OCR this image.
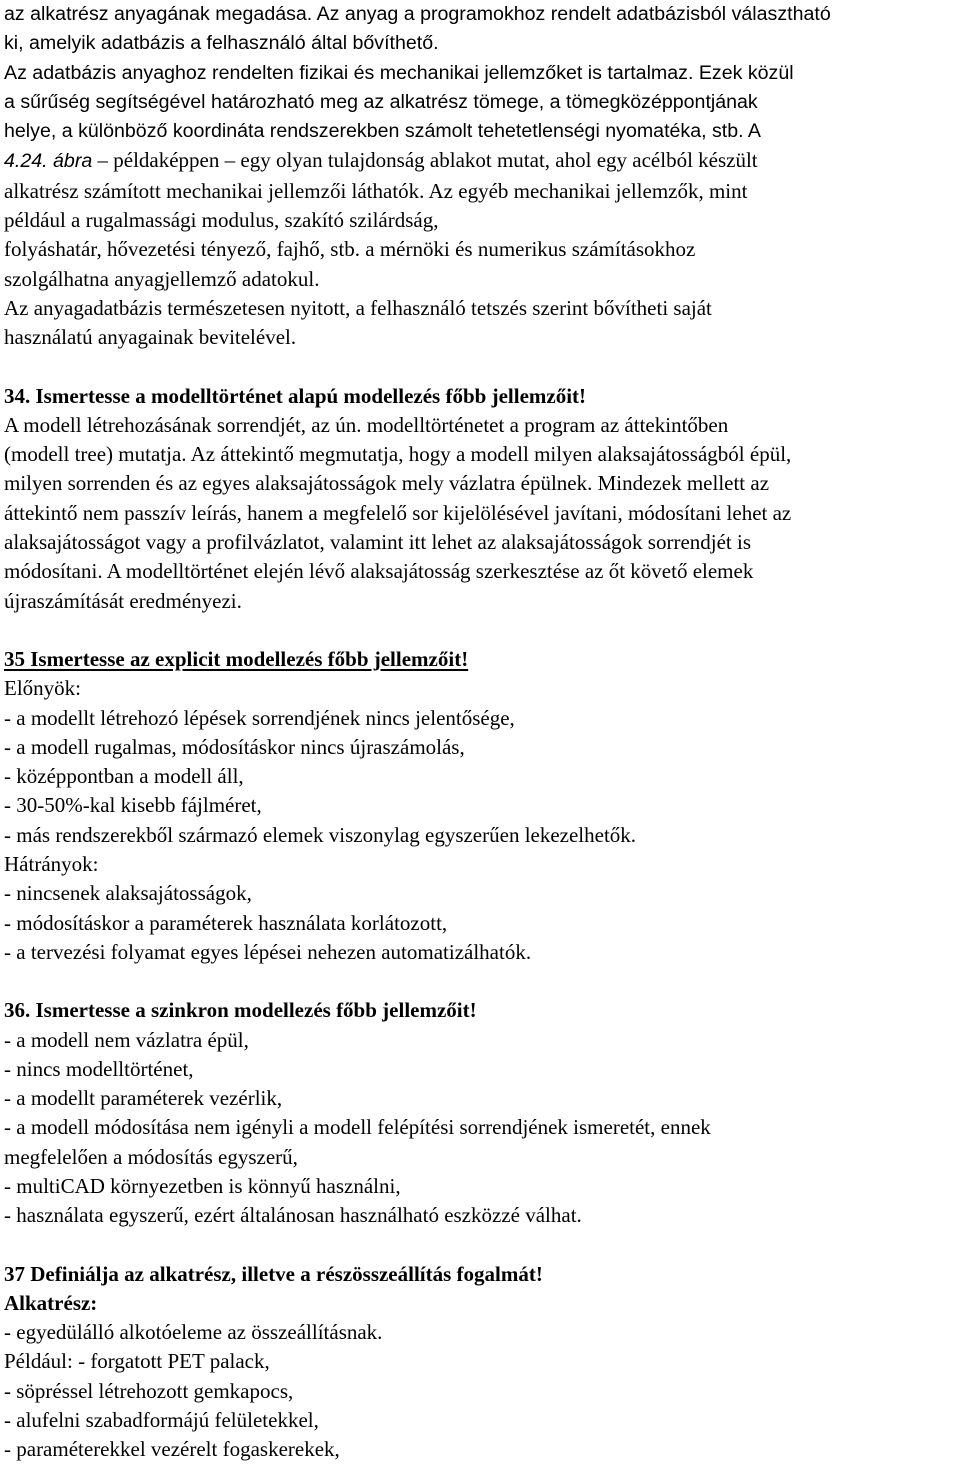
az alkatrész anyagának megadása. Az anyag a programokhoz rendelt adatbázisból választható
ki, amelyik adatbázis a felhasználó által bővíthető.
Az adatbázis anyaghoz rendelten fizikai és mechanikai jellemzőket is tartalmaz. Ezek közül
a sűrűség segítségével határozható meg az alkatrész tömege, a tömegközéppontjának
helye, a különböző koordináta rendszerekben számolt tehetetlenségi nyomatéka, stb. A
4.24. ábra – példaképpen – egy olyan tulajdonság ablakot mutat, ahol egy acélból készült
alkatrész számított mechanikai jellemzői láthatók. Az egyéb mechanikai jellemzők, mint
például a rugalmassági modulus, szakító szilárdság,
folyáshatár, hővezetési tényező, fajhő, stb. a mérnöki és numerikus számításokhoz
szolgálhatna anyagjellemző adatokul.
Az anyagadatbázis természetesen nyitott, a felhasználó tetszés szerint bővítheti saját
használatú anyagainak bevitelével.
34. Ismertesse a modelltörténet alapú modellezés főbb jellemzőit!
A modell létrehozásának sorrendjét, az ún. modelltörténetet a program az áttekintőben
(modell tree) mutatja. Az áttekintő megmutatja, hogy a modell milyen alaksajátosságból épül,
milyen sorrenden és az egyes alaksajátosságok mely vázlatra épülnek. Mindezek mellett az
áttekintő nem passzív leírás, hanem a megfelelő sor kijelölésével javítani, módosítani lehet az
alaksajátosságot vagy a profilvázlatot, valamint itt lehet az alaksajátosságok sorrendjét is
módosítani. A modelltörténet elején lévő alaksajátosság szerkesztése az őt követő elemek
újraszámítását eredményezi.
35 Ismertesse az explicit modellezés főbb jellemzőit!
Előnyök:
- a modellt létrehozó lépések sorrendjének nincs jelentősége,
- a modell rugalmas, módosításkor nincs újraszámolás,
- középpontban a modell áll,
- 30-50%-kal kisebb fájlméret,
- más rendszerekből származó elemek viszonylag egyszerűen lekezelhetők.
Hátrányok:
- nincsenek alaksajátosságok,
- módosításkor a paraméterek használata korlátozott,
- a tervezési folyamat egyes lépései nehezen automatizálhatók.
36. Ismertesse a szinkron modellezés főbb jellemzőit!
- a modell nem vázlatra épül,
- nincs modelltörténet,
- a modellt paraméterek vezérlik,
- a modell módosítása nem igényli a modell felépítési sorrendjének ismeretét, ennek
megfelelően a módosítás egyszerű,
- multiCAD környezetben is könnyű használni,
- használata egyszerű, ezért általánosan használható eszközzé válhat.
37 Definiálja az alkatrész, illetve a részösszeállítás fogalmát!
Alkatrész:
- egyedülálló alkotóeleme az összeállításnak.
Például: - forgatott PET palack,
- söpréssel létrehozott gemkapocs,
- alufelni szabadformájú felületekkel,
- paraméterekkel vezérelt fogaskerekek,
